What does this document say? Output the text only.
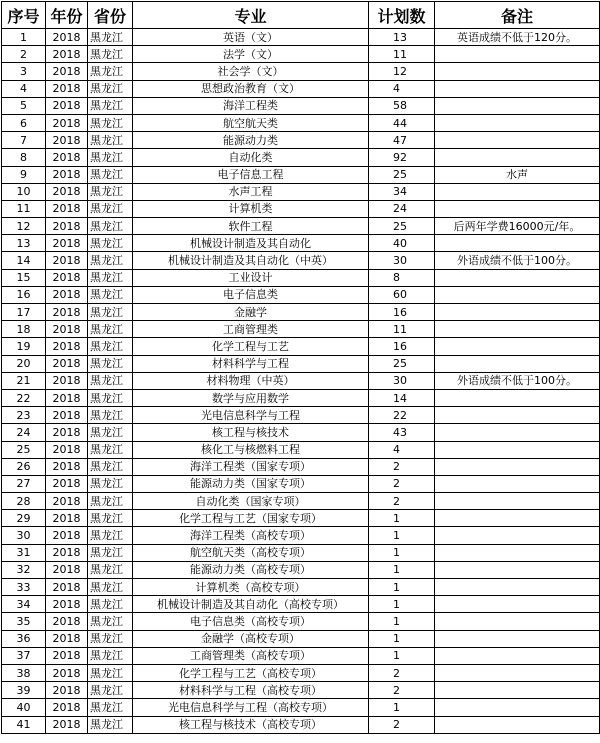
序号	年份	省份	专业	计划数	备注
1	2018	黑龙江	英语（文）	13	英语成绩不低于120分。
2	2018	黑龙江	法学（文）	11	
3	2018	黑龙江	社会学（文）	12	
4	2018	黑龙江	思想政治教育（文）	4	
5	2018	黑龙江	海洋工程类	58	
6	2018	黑龙江	航空航天类	44	
7	2018	黑龙江	能源动力类	47	
8	2018	黑龙江	自动化类	92	
9	2018	黑龙江	电子信息工程	25	水声
10	2018	黑龙江	水声工程	34	
11	2018	黑龙江	计算机类	24	
12	2018	黑龙江	软件工程	25	后两年学费16000元/年。
13	2018	黑龙江	机械设计制造及其自动化	40	
14	2018	黑龙江	机械设计制造及其自动化（中英）	30	外语成绩不低于100分。
15	2018	黑龙江	工业设计	8	
16	2018	黑龙江	电子信息类	60	
17	2018	黑龙江	金融学	16	
18	2018	黑龙江	工商管理类	11	
19	2018	黑龙江	化学工程与工艺	16	
20	2018	黑龙江	材料科学与工程	25	
21	2018	黑龙江	材料物理（中英）	30	外语成绩不低于100分。
22	2018	黑龙江	数学与应用数学	14	
23	2018	黑龙江	光电信息科学与工程	22	
24	2018	黑龙江	核工程与核技术	43	
25	2018	黑龙江	核化工与核燃料工程	4	
26	2018	黑龙江	海洋工程类（国家专项）	2	
27	2018	黑龙江	能源动力类（国家专项）	2	
28	2018	黑龙江	自动化类（国家专项）	2	
29	2018	黑龙江	化学工程与工艺（国家专项）	1	
30	2018	黑龙江	海洋工程类（高校专项）	1	
31	2018	黑龙江	航空航天类（高校专项）	1	
32	2018	黑龙江	能源动力类（高校专项）	1	
33	2018	黑龙江	计算机类（高校专项）	1	
34	2018	黑龙江	机械设计制造及其自动化（高校专项）	1	
35	2018	黑龙江	电子信息类（高校专项）	1	
36	2018	黑龙江	金融学（高校专项）	1	
37	2018	黑龙江	工商管理类（高校专项）	1	
38	2018	黑龙江	化学工程与工艺（高校专项）	2	
39	2018	黑龙江	材料科学与工程（高校专项）	2	
40	2018	黑龙江	光电信息科学与工程（高校专项）	1	
41	2018	黑龙江	核工程与核技术（高校专项）	2	
